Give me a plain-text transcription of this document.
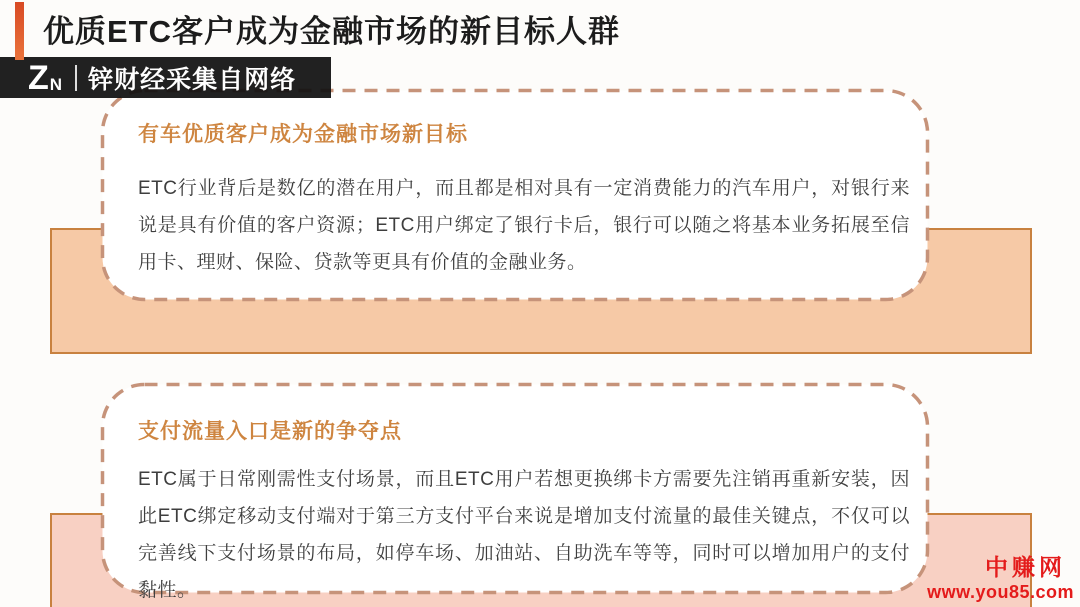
有车优质客户成为金融市场新目标
ETC行业背后是数亿的潜在用户，而且都是相对具有一定消费能力的汽车用户，对银行来说是具有价值的客户资源；ETC用户绑定了银行卡后，银行可以随之将基本业务拓展至信用卡、理财、保险、贷款等更具有价值的金融业务。
支付流量入口是新的争夺点
ETC属于日常刚需性支付场景，而且ETC用户若想更换绑卡方需要先注销再重新安装，因此ETC绑定移动支付端对于第三方支付平台来说是增加支付流量的最佳关键点，不仅可以完善线下支付场景的布局，如停车场、加油站、自助洗车等等，同时可以增加用户的支付黏性。
优质ETC客户成为金融市场的新目标人群
Z N 锌财经采集自网络
中赚网
www.you85.com
